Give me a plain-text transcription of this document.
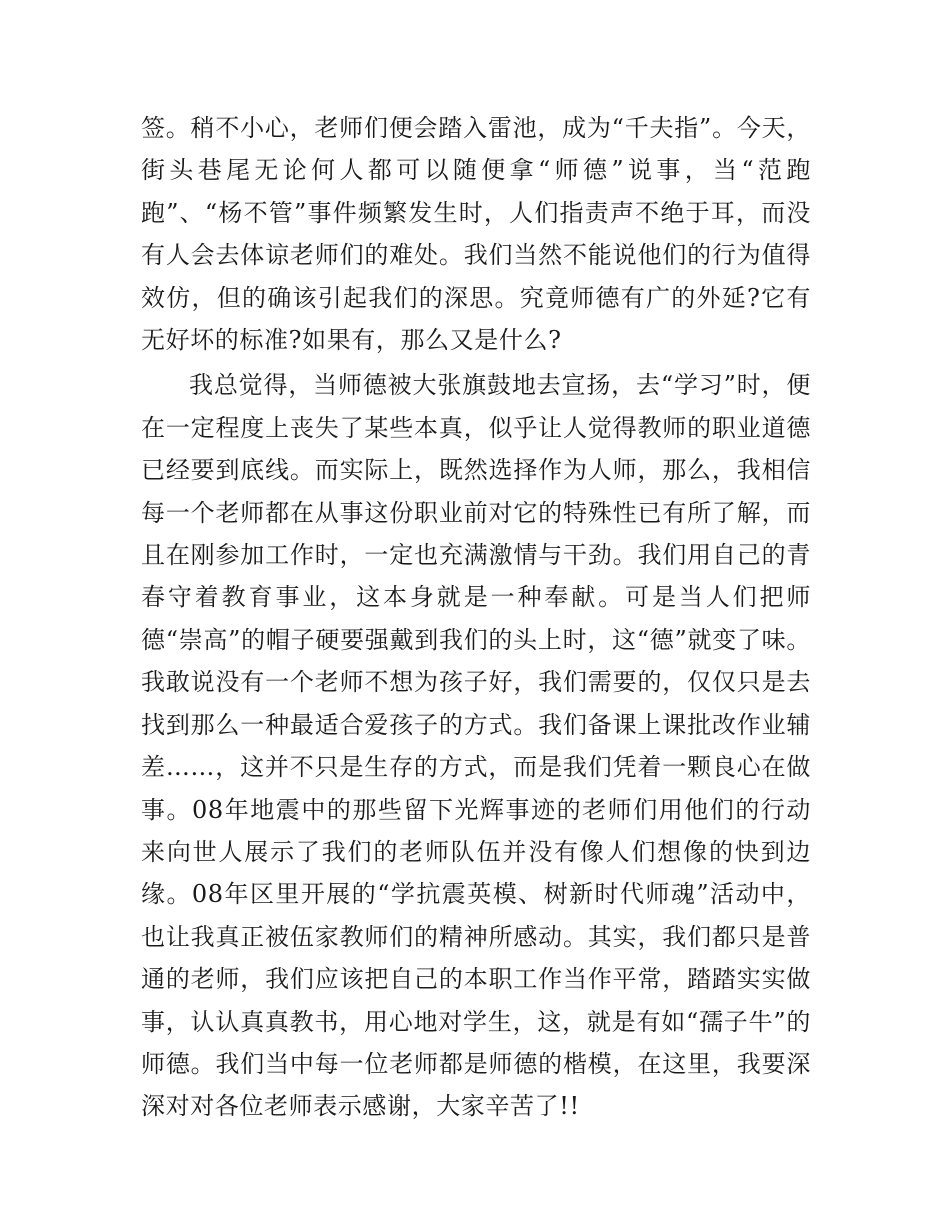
签。稍不小心，老师们便会踏入雷池，成为“千夫指”。今天，街头巷尾无论何人都可以随便拿“师德”说事，当“范跑跑”、“杨不管”事件频繁发生时，人们指责声不绝于耳，而没有人会去体谅老师们的难处。我们当然不能说他们的行为值得效仿，但的确该引起我们的深思。究竟师德有广的外延?它有无好坏的标准?如果有，那么又是什么?

我总觉得，当师德被大张旗鼓地去宣扬，去“学习”时，便在一定程度上丧失了某些本真，似乎让人觉得教师的职业道德已经要到底线。而实际上，既然选择作为人师，那么，我相信每一个老师都在从事这份职业前对它的特殊性已有所了解，而且在刚参加工作时，一定也充满激情与干劲。我们用自己的青春守着教育事业，这本身就是一种奉献。可是当人们把师德“崇高”的帽子硬要强戴到我们的头上时，这“德”就变了味。我敢说没有一个老师不想为孩子好，我们需要的，仅仅只是去找到那么一种最适合爱孩子的方式。我们备课上课批改作业辅差……，这并不只是生存的方式，而是我们凭着一颗良心在做事。08年地震中的那些留下光辉事迹的老师们用他们的行动来向世人展示了我们的老师队伍并没有像人们想像的快到边缘。08年区里开展的“学抗震英模、树新时代师魂”活动中，也让我真正被伍家教师们的精神所感动。其实，我们都只是普通的老师，我们应该把自己的本职工作当作平常，踏踏实实做事，认认真真教书，用心地对学生，这，就是有如“孺子牛”的师德。我们当中每一位老师都是师德的楷模，在这里，我要深深对对各位老师表示感谢，大家辛苦了!!
